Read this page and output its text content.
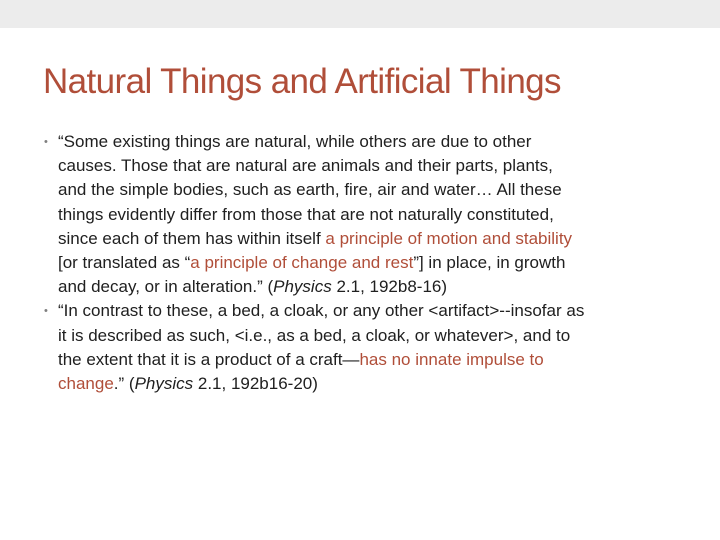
Natural Things and Artificial Things
• “Some existing things are natural, while others are due to other
causes. Those that are natural are animals and their parts, plants,
and the simple bodies, such as earth, fire, air and water… All these
things evidently differ from those that are not naturally constituted,
since each of them has within itself a principle of motion and stability
[or translated as “a principle of change and rest”] in place, in growth
and decay, or in alteration.” (Physics 2.1, 192b8-16)
• “In contrast to these, a bed, a cloak, or any other <artifact>--insofar as
it is described as such, <i.e., as a bed, a cloak, or whatever>, and to
the extent that it is a product of a craft—has no innate impulse to
change.” (Physics 2.1, 192b16-20)
